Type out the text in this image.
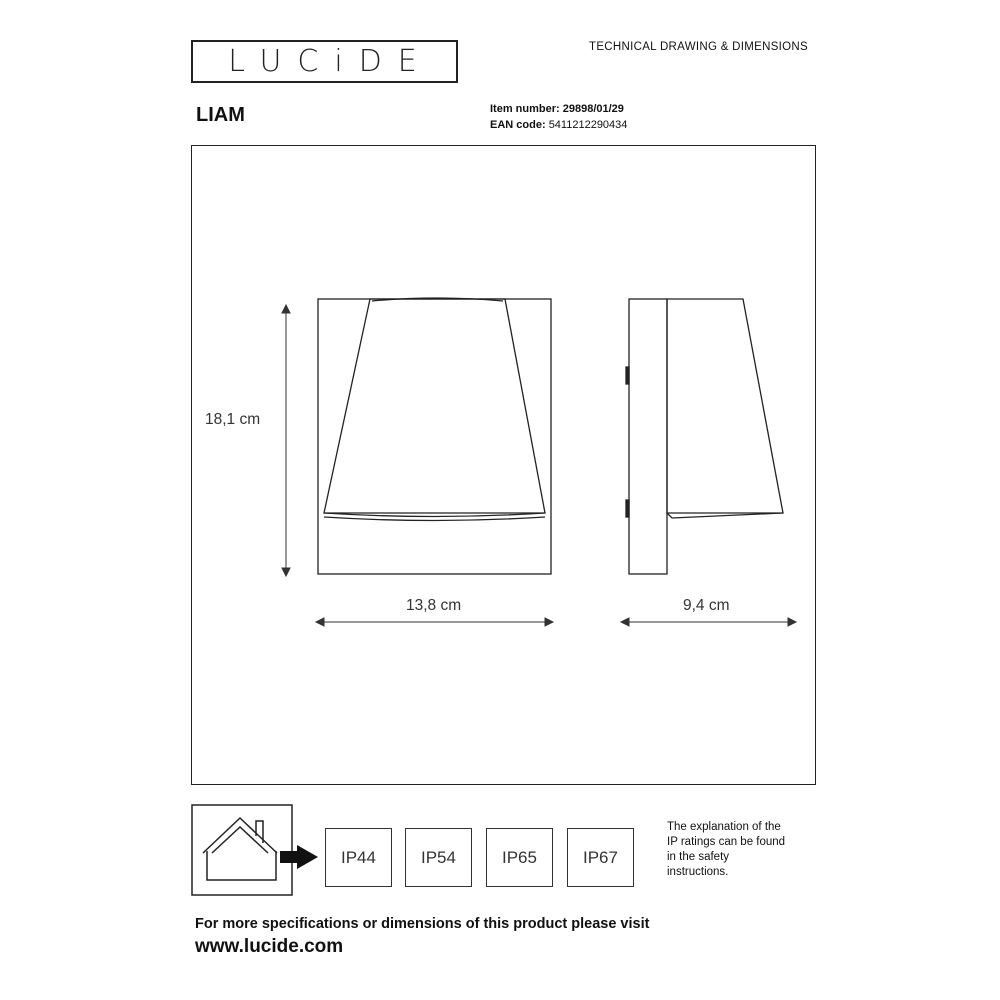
LUCiDE	TECHNICAL DRAWING & DIMENSIONS
LIAM	Item number: 29898/01/29
EAN code: 5411212290434
18,1 cm
13,8 cm	9,4 cm
IP44	IP54	IP65	IP67
The explanation of the
IP ratings can be found
in the safety
instructions.
For more specifications or dimensions of this product please visit
www.lucide.com
